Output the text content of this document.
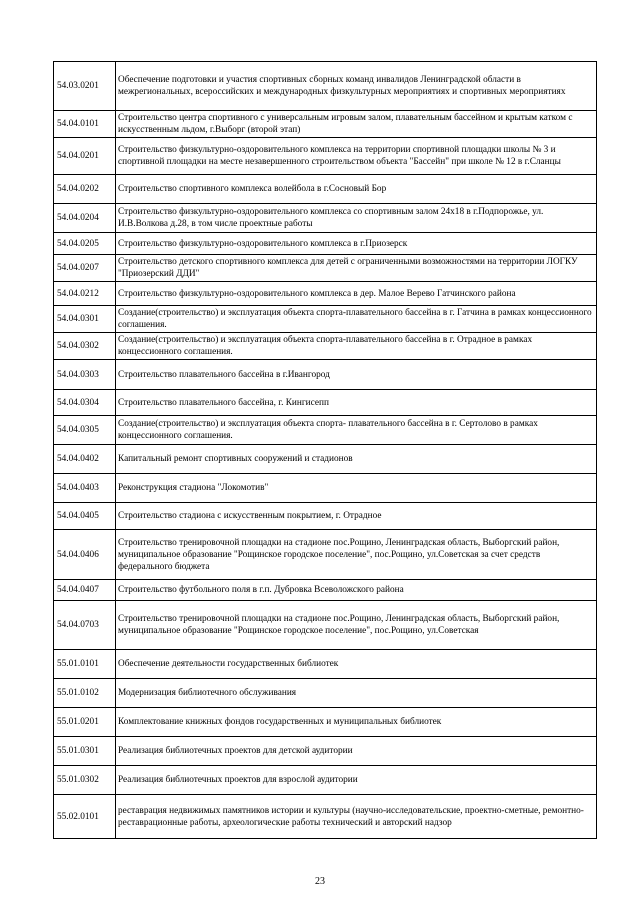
54.03.0201	Обеспечение подготовки и участия спортивных сборных команд инвалидов Ленинградской области в межрегиональных, всероссийских и международных физкультурных мероприятиях и спортивных мероприятиях
54.04.0101	Строительство центра спортивного с универсальным игровым залом, плавательным бассейном и крытым катком с искусственным льдом, г.Выборг (второй этап)
54.04.0201	Строительство физкультурно-оздоровительного комплекса на территории спортивной площадки школы № 3 и спортивной площадки на месте незавершенного строительством объекта "Бассейн" при школе № 12 в г.Сланцы
54.04.0202	Строительство спортивного комплекса волейбола в г.Сосновый Бор
54.04.0204	Строительство физкультурно-оздоровительного комплекса со спортивным залом 24х18 в г.Подпорожье, ул. И.В.Волкова д.28, в том числе проектные работы
54.04.0205	Строительство физкультурно-оздоровительного комплекса в г.Приозерск
54.04.0207	Строительство детского спортивного комплекса для детей с ограниченными возможностями на территории ЛОГКУ "Приозерский ДДИ"
54.04.0212	Строительство физкультурно-оздоровительного комплекса в дер. Малое Верево Гатчинского района
54.04.0301	Создание(строительство) и эксплуатация объекта спорта-плавательного бассейна в г. Гатчина в рамках концессионного соглашения.
54.04.0302	Создание(строительство) и эксплуатация объекта спорта-плавательного бассейна в г. Отрадное в рамках концессионного соглашения.
54.04.0303	Строительство плавательного бассейна в г.Ивангород
54.04.0304	Строительство плавательного бассейна, г. Кингисепп
54.04.0305	Создание(строительство) и эксплуатация объекта спорта- плавательного бассейна в г. Сертолово в рамках концессионного соглашения.
54.04.0402	Капитальный ремонт спортивных сооружений и стадионов
54.04.0403	Реконструкция стадиона "Локомотив"
54.04.0405	Строительство стадиона с искусственным покрытием, г. Отрадное
54.04.0406	Строительство тренировочной площадки на стадионе пос.Рощино, Ленинградская область, Выборгский район, муниципальное образование "Рощинское городское поселение", пос.Рощино, ул.Советская за счет средств федерального бюджета
54.04.0407	Строительство футбольного поля в г.п. Дубровка Всеволожского района
54.04.0703	Строительство тренировочной площадки на стадионе пос.Рощино, Ленинградская область, Выборгский район, муниципальное образование "Рощинское городское поселение", пос.Рощино, ул.Советская
55.01.0101	Обеспечение деятельности государственных библиотек
55.01.0102	Модернизация библиотечного обслуживания
55.01.0201	Комплектование книжных фондов государственных и муниципальных библиотек
55.01.0301	Реализация библиотечных проектов для детской аудитории
55.01.0302	Реализация библиотечных проектов для взрослой аудитории
55.02.0101	реставрация недвижимых памятников истории и культуры (научно-исследовательские, проектно-сметные, ремонтно-реставрационные работы, археологические работы технический и авторский надзор
23
